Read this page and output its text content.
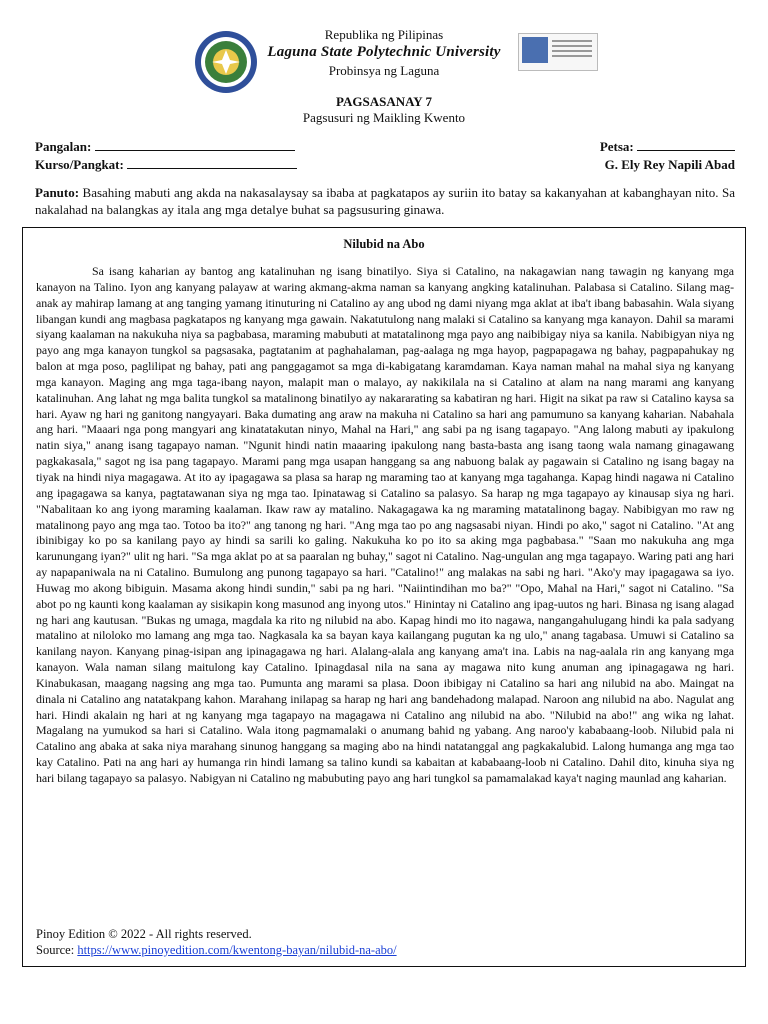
Republika ng Pilipinas
Laguna State Polytechnic University
Probinsya ng Laguna
PAGSASANAY 7
Pagsusuri ng Maikling Kwento
Pangalan:	Petsa:
Kurso/Pangkat:	G. Ely Rey Napili Abad
Panuto: Basahing mabuti ang akda na nakasalaysay sa ibaba at pagkatapos ay suriin ito batay sa kakanyahan at kabanghayan nito. Sa nakalahad na balangkas ay itala ang mga detalye buhat sa pagsusuring ginawa.
Nilubid na Abo

Sa isang kaharian ay bantog ang katalinuhan ng isang binatilyo. Siya si Catalino, na nakagawian nang tawagin ng kanyang mga kanayon na Talino. Iyon ang kanyang palayaw at waring akmang-akma naman sa kanyang angking katalinuhan. Palabasa si Catalino. Silang mag-anak ay mahirap lamang at ang tanging yamang itinuturing ni Catalino ay ang ubod ng dami niyang mga aklat at iba't ibang babasahin. Wala siyang libangan kundi ang magbasa pagkatapos ng kanyang mga gawain. Nakatutulong nang malaki si Catalino sa kanyang mga kanayon. Dahil sa marami siyang kaalaman na nakukuha niya sa pagbabasa, maraming mabubuti at matatalinong mga payo ang naibibigay niya sa kanila. Nabibigyan niya ng payo ang mga kanayon tungkol sa pagsasaka, pagtatanim at paghahalaman, pag-aalaga ng mga hayop, pagpapagawa ng bahay, pagpapahukay ng balon at mga poso, paglilipat ng bahay, pati ang panggagamot sa mga di-kabigatang karamdaman. Kaya naman mahal na mahal siya ng kanyang mga kanayon. Maging ang mga taga-ibang nayon, malapit man o malayo, ay nakikilala na si Catalino at alam na nang marami ang kanyang katalinuhan. Ang lahat ng mga balita tungkol sa matalinong binatilyo ay nakararating sa kabatiran ng hari. Higit na sikat pa raw si Catalino kaysa sa hari. Ayaw ng hari ng ganitong nangyayari. Baka dumating ang araw na makuha ni Catalino sa hari ang pamumuno sa kanyang kaharian. Nabahala ang hari. "Maaari nga pong mangyari ang kinatatakutan ninyo, Mahal na Hari," ang sabi pa ng isang tagapayo. "Ang lalong mabuti ay ipakulong natin siya," anang isang tagapayo naman. "Ngunit hindi natin maaaring ipakulong nang basta-basta ang isang taong wala namang ginagawang pagkakasala," sagot ng isa pang tagapayo. Marami pang mga usapan hanggang sa ang nabuong balak ay pagawain si Catalino ng isang bagay na tiyak na hindi niya magagawa. At ito ay ipagagawa sa plasa sa harap ng maraming tao at kanyang mga tagahanga. Kapag hindi nagawa ni Catalino ang ipagagawa sa kanya, pagtatawanan siya ng mga tao. Ipinatawag si Catalino sa palasyo. Sa harap ng mga tagapayo ay kinausap siya ng hari. "Nabalitaan ko ang iyong maraming kaalaman. Ikaw raw ay matalino. Nakagagawa ka ng maraming matatalinong bagay. Nabibigyan mo raw ng matalinong payo ang mga tao. Totoo ba ito?" ang tanong ng hari. "Ang mga tao po ang nagsasabi niyan. Hindi po ako," sagot ni Catalino. "At ang ibinibigay ko po sa kanilang payo ay hindi sa sarili ko galing. Nakukuha ko po ito sa aking mga pagbabasa." "Saan mo nakukuha ang mga karunungang iyan?" ulit ng hari. "Sa mga aklat po at sa paaralan ng buhay," sagot ni Catalino. Nag-ungulan ang mga tagapayo. Waring pati ang hari ay napapaniwala na ni Catalino. Bumulong ang punong tagapayo sa hari. "Catalino!" ang malakas na sabi ng hari. "Ako'y may ipagagawa sa iyo. Huwag mo akong bibiguin. Masama akong hindi sundin," sabi pa ng hari. "Naiintindihan mo ba?" "Opo, Mahal na Hari," sagot ni Catalino. "Sa abot po ng kaunti kong kaalaman ay sisikapin kong masunod ang inyong utos." Hinintay ni Catalino ang ipag-uutos ng hari. Binasa ng isang alagad ng hari ang kautusan. "Bukas ng umaga, magdala ka rito ng nilubid na abo. Kapag hindi mo ito nagawa, nangangahulugang hindi ka pala sadyang matalino at niloloko mo lamang ang mga tao. Nagkasala ka sa bayan kaya kailangang pugutan ka ng ulo," anang tagabasa. Umuwi si Catalino sa kanilang nayon. Kanyang pinag-isipan ang ipinagagawa ng hari. Alalang-alala ang kanyang ama't ina. Labis na nag-aalala rin ang kanyang mga kanayon. Wala naman silang maitulong kay Catalino. Ipinagdasal nila na sana ay magawa nito kung anuman ang ipinagagawa ng hari. Kinabukasan, maagang nagsing ang mga tao. Pumunta ang marami sa plasa. Doon ibibigay ni Catalino sa hari ang nilubid na abo. Maingat na dinala ni Catalino ang natatakpang kahon. Marahang inilapag sa harap ng hari ang bandehadong malapad. Naroon ang nilubid na abo. Nagulat ang hari. Hindi akalain ng hari at ng kanyang mga tagapayo na magagawa ni Catalino ang nilubid na abo. "Nilubid na abo!" ang wika ng lahat. Magalang na yumukod sa hari si Catalino. Wala itong pagmamalaki o anumang bahid ng yabang. Ang naroo'y kababaang-loob. Nilubid pala ni Catalino ang abaka at saka niya marahang sinunog hanggang sa maging abo na hindi natatanggal ang pagkakalubid. Lalong humanga ang mga tao kay Catalino. Pati na ang hari ay humanga rin hindi lamang sa talino kundi sa kabaitan at kababaang-loob ni Catalino. Dahil dito, kinuha siya ng hari bilang tagapayo sa palasyo. Nabigyan ni Catalino ng mabubuting payo ang hari tungkol sa pamamalakad kaya't naging maunlad ang kaharian.

Pinoy Edition © 2022 - All rights reserved.
Source: https://www.pinoyedition.com/kwentong-bayan/nilubid-na-abo/
